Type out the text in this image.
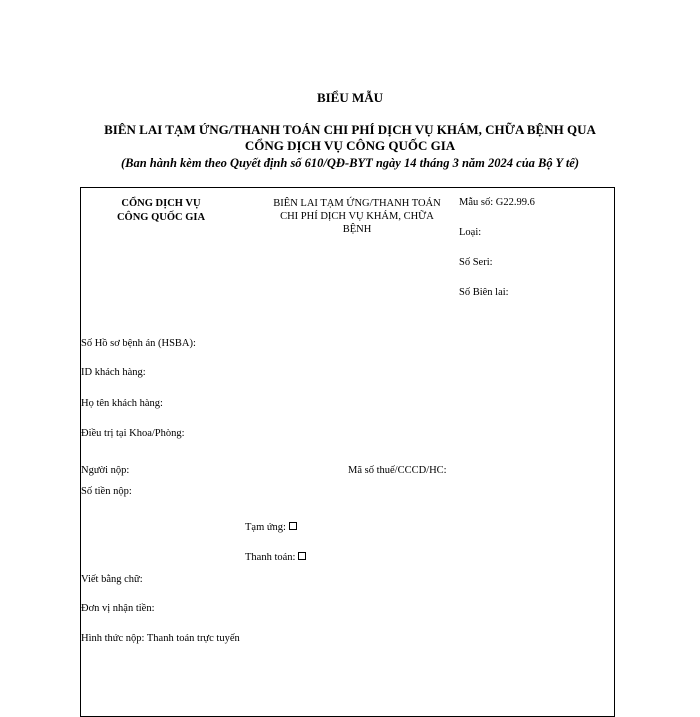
BIỂU MẪU
BIÊN LAI TẠM ỨNG/THANH TOÁN CHI PHÍ DỊCH VỤ KHÁM, CHỮA BỆNH QUA
CỔNG DỊCH VỤ CÔNG QUỐC GIA
(Ban hành kèm theo Quyết định số 610/QĐ-BYT ngày 14 tháng 3 năm 2024 của Bộ Y tế)
CỔNG DỊCH VỤ
CÔNG QUỐC GIA
BIÊN LAI TẠM ỨNG/THANH TOÁN
CHI PHÍ DỊCH VỤ KHÁM, CHỮA
BỆNH
Mẫu số: G22.99.6
Loại:
Số Seri:
Số Biên lai:
Số Hồ sơ bệnh án (HSBA):
ID khách hàng:
Họ tên khách hàng:
Điều trị tại Khoa/Phòng:
Người nộp:	Mã số thuế/CCCD/HC:
Số tiền nộp:
Tạm ứng:
Thanh toán:
Viết bằng chữ:
Đơn vị nhận tiền:
Hình thức nộp: Thanh toán trực tuyến
